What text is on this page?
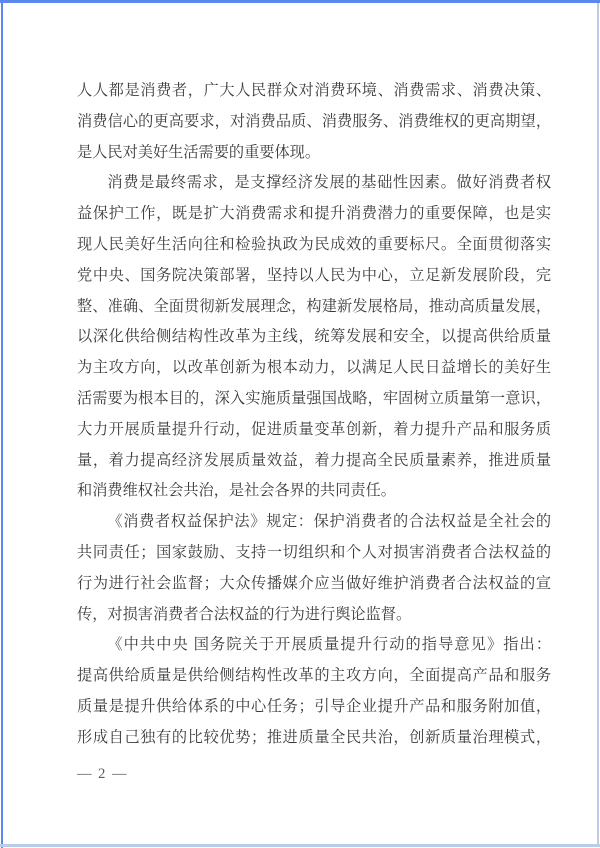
人人都是消费者，广大人民群众对消费环境、消费需求、消费决策、
消费信心的更高要求，对消费品质、消费服务、消费维权的更高期望，
是人民对美好生活需要的重要体现。
消费是最终需求，是支撑经济发展的基础性因素。做好消费者权
益保护工作，既是扩大消费需求和提升消费潜力的重要保障，也是实
现人民美好生活向往和检验执政为民成效的重要标尺。全面贯彻落实
党中央、国务院决策部署，坚持以人民为中心，立足新发展阶段，完
整、准确、全面贯彻新发展理念，构建新发展格局，推动高质量发展，
以深化供给侧结构性改革为主线，统筹发展和安全，以提高供给质量
为主攻方向，以改革创新为根本动力，以满足人民日益增长的美好生
活需要为根本目的，深入实施质量强国战略，牢固树立质量第一意识，
大力开展质量提升行动，促进质量变革创新，着力提升产品和服务质
量，着力提高经济发展质量效益，着力提高全民质量素养，推进质量
和消费维权社会共治，是社会各界的共同责任。
《消费者权益保护法》规定：保护消费者的合法权益是全社会的
共同责任；国家鼓励、支持一切组织和个人对损害消费者合法权益的
行为进行社会监督；大众传播媒介应当做好维护消费者合法权益的宣
传，对损害消费者合法权益的行为进行舆论监督。
《中共中央 国务院关于开展质量提升行动的指导意见》指出：
提高供给质量是供给侧结构性改革的主攻方向，全面提高产品和服务
质量是提升供给体系的中心任务；引导企业提升产品和服务附加值，
形成自己独有的比较优势；推进质量全民共治，创新质量治理模式，
— 2 —
